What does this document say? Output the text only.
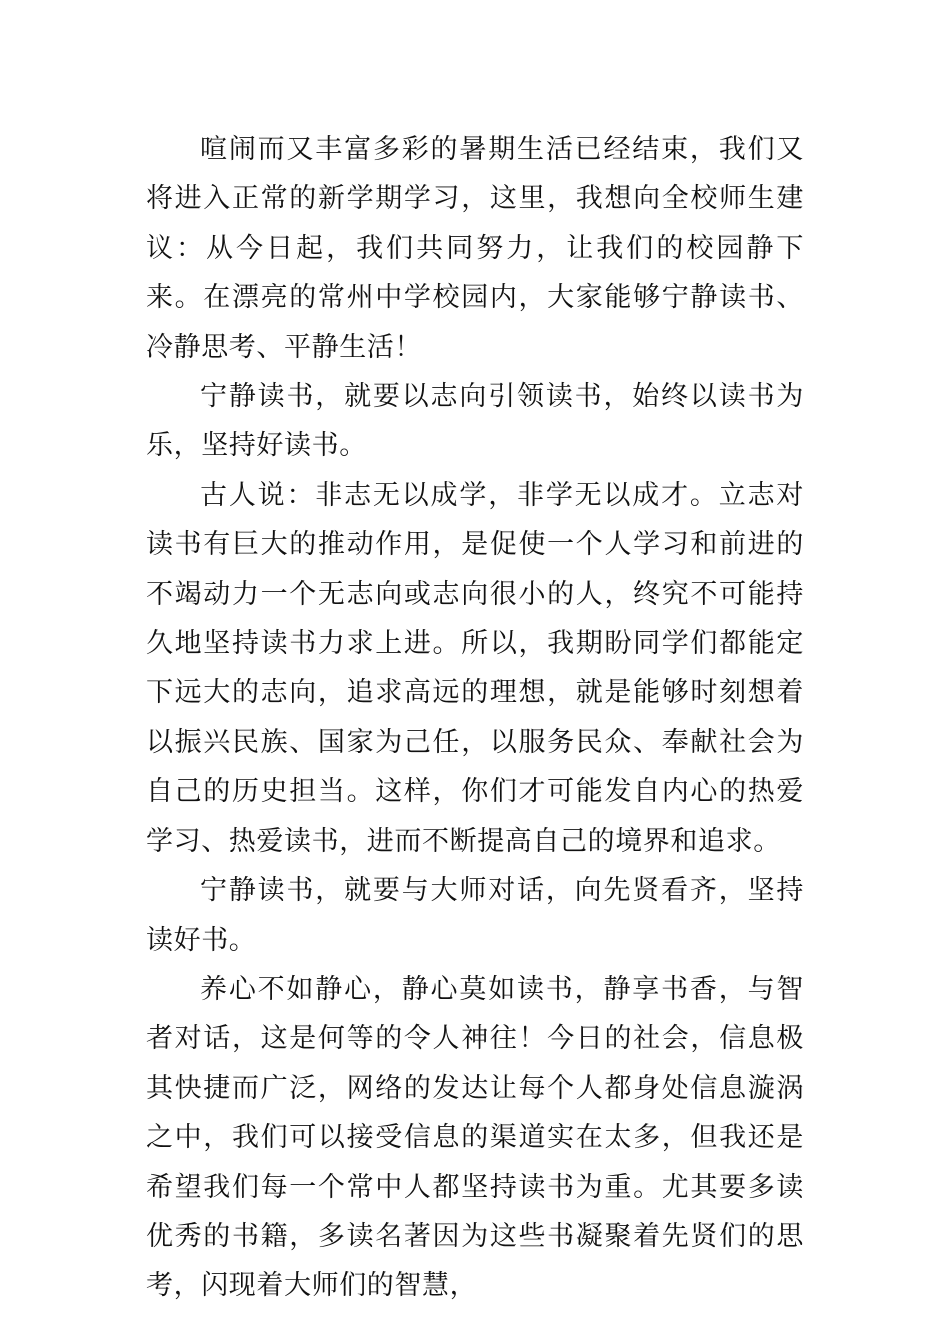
喧闹而又丰富多彩的暑期生活已经结束，我们又将进入正常的新学期学习，这里，我想向全校师生建议：从今日起，我们共同努力，让我们的校园静下来。在漂亮的常州中学校园内，大家能够宁静读书、冷静思考、平静生活！

宁静读书，就要以志向引领读书，始终以读书为乐，坚持好读书。

古人说：非志无以成学，非学无以成才。立志对读书有巨大的推动作用，是促使一个人学习和前进的不竭动力一个无志向或志向很小的人，终究不可能持久地坚持读书力求上进。所以，我期盼同学们都能定下远大的志向，追求高远的理想，就是能够时刻想着以振兴民族、国家为己任，以服务民众、奉献社会为自己的历史担当。这样，你们才可能发自内心的热爱学习、热爱读书，进而不断提高自己的境界和追求。

宁静读书，就要与大师对话，向先贤看齐，坚持读好书。

养心不如静心，静心莫如读书，静享书香，与智者对话，这是何等的令人神往！今日的社会，信息极其快捷而广泛，网络的发达让每个人都身处信息漩涡之中，我们可以接受信息的渠道实在太多，但我还是希望我们每一个常中人都坚持读书为重。尤其要多读优秀的书籍，多读名著因为这些书凝聚着先贤们的思考，闪现着大师们的智慧，
